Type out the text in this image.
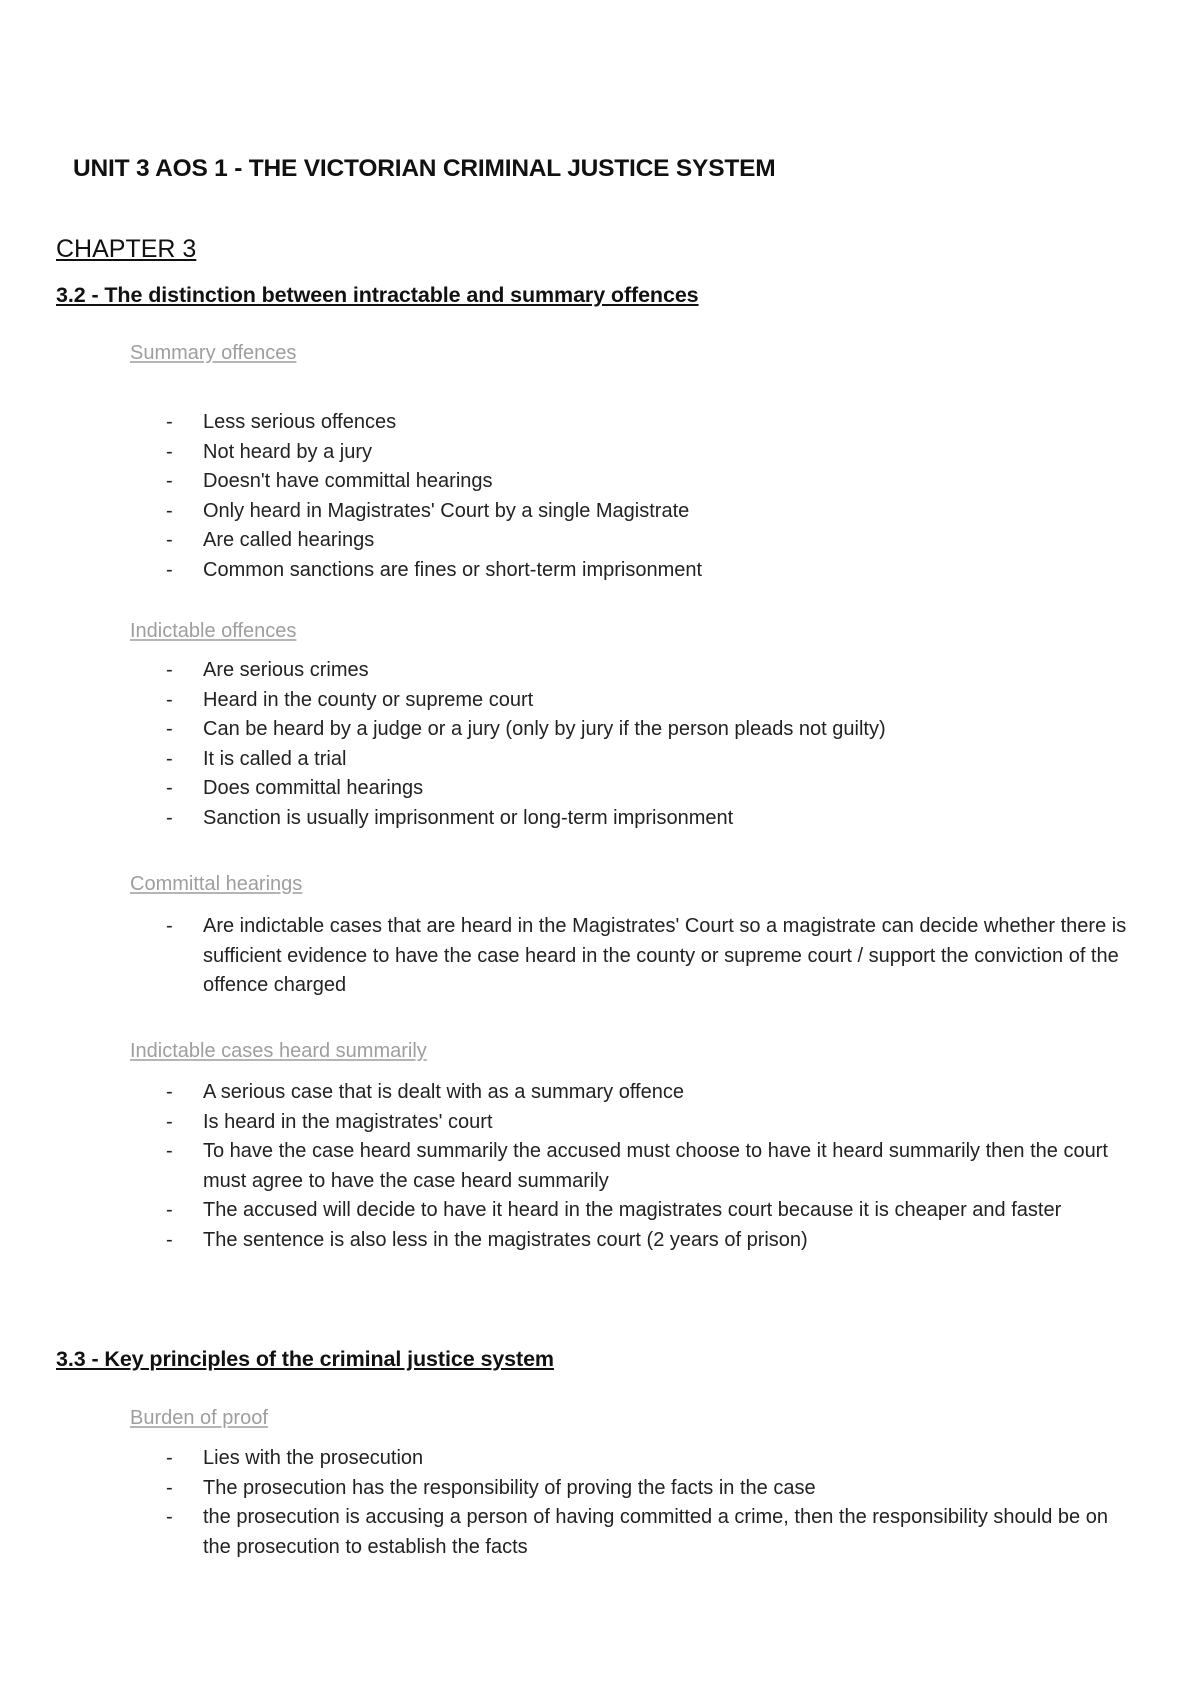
UNIT 3 AOS 1 - THE VICTORIAN CRIMINAL JUSTICE SYSTEM
CHAPTER 3
3.2 - The distinction between intractable and summary offences
Summary offences
- Less serious offences
- Not heard by a jury
- Doesn't have committal hearings
- Only heard in Magistrates' Court by a single Magistrate
- Are called hearings
- Common sanctions are fines or short-term imprisonment
Indictable offences
- Are serious crimes
- Heard in the county or supreme court
- Can be heard by a judge or a jury (only by jury if the person pleads not guilty)
- It is called a trial
- Does committal hearings
- Sanction is usually imprisonment or long-term imprisonment
Committal hearings
- Are indictable cases that are heard in the Magistrates' Court so a magistrate can decide whether there is sufficient evidence to have the case heard in the county or supreme court / support the conviction of the offence charged
Indictable cases heard summarily
- A serious case that is dealt with as a summary offence
- Is heard in the magistrates' court
- To have the case heard summarily the accused must choose to have it heard summarily then the court must agree to have the case heard summarily
- The accused will decide to have it heard in the magistrates court because it is cheaper and faster
- The sentence is also less in the magistrates court (2 years of prison)
3.3 - Key principles of the criminal justice system
Burden of proof
- Lies with the prosecution
- The prosecution has the responsibility of proving the facts in the case
- the prosecution is accusing a person of having committed a crime, then the responsibility should be on the prosecution to establish the facts
